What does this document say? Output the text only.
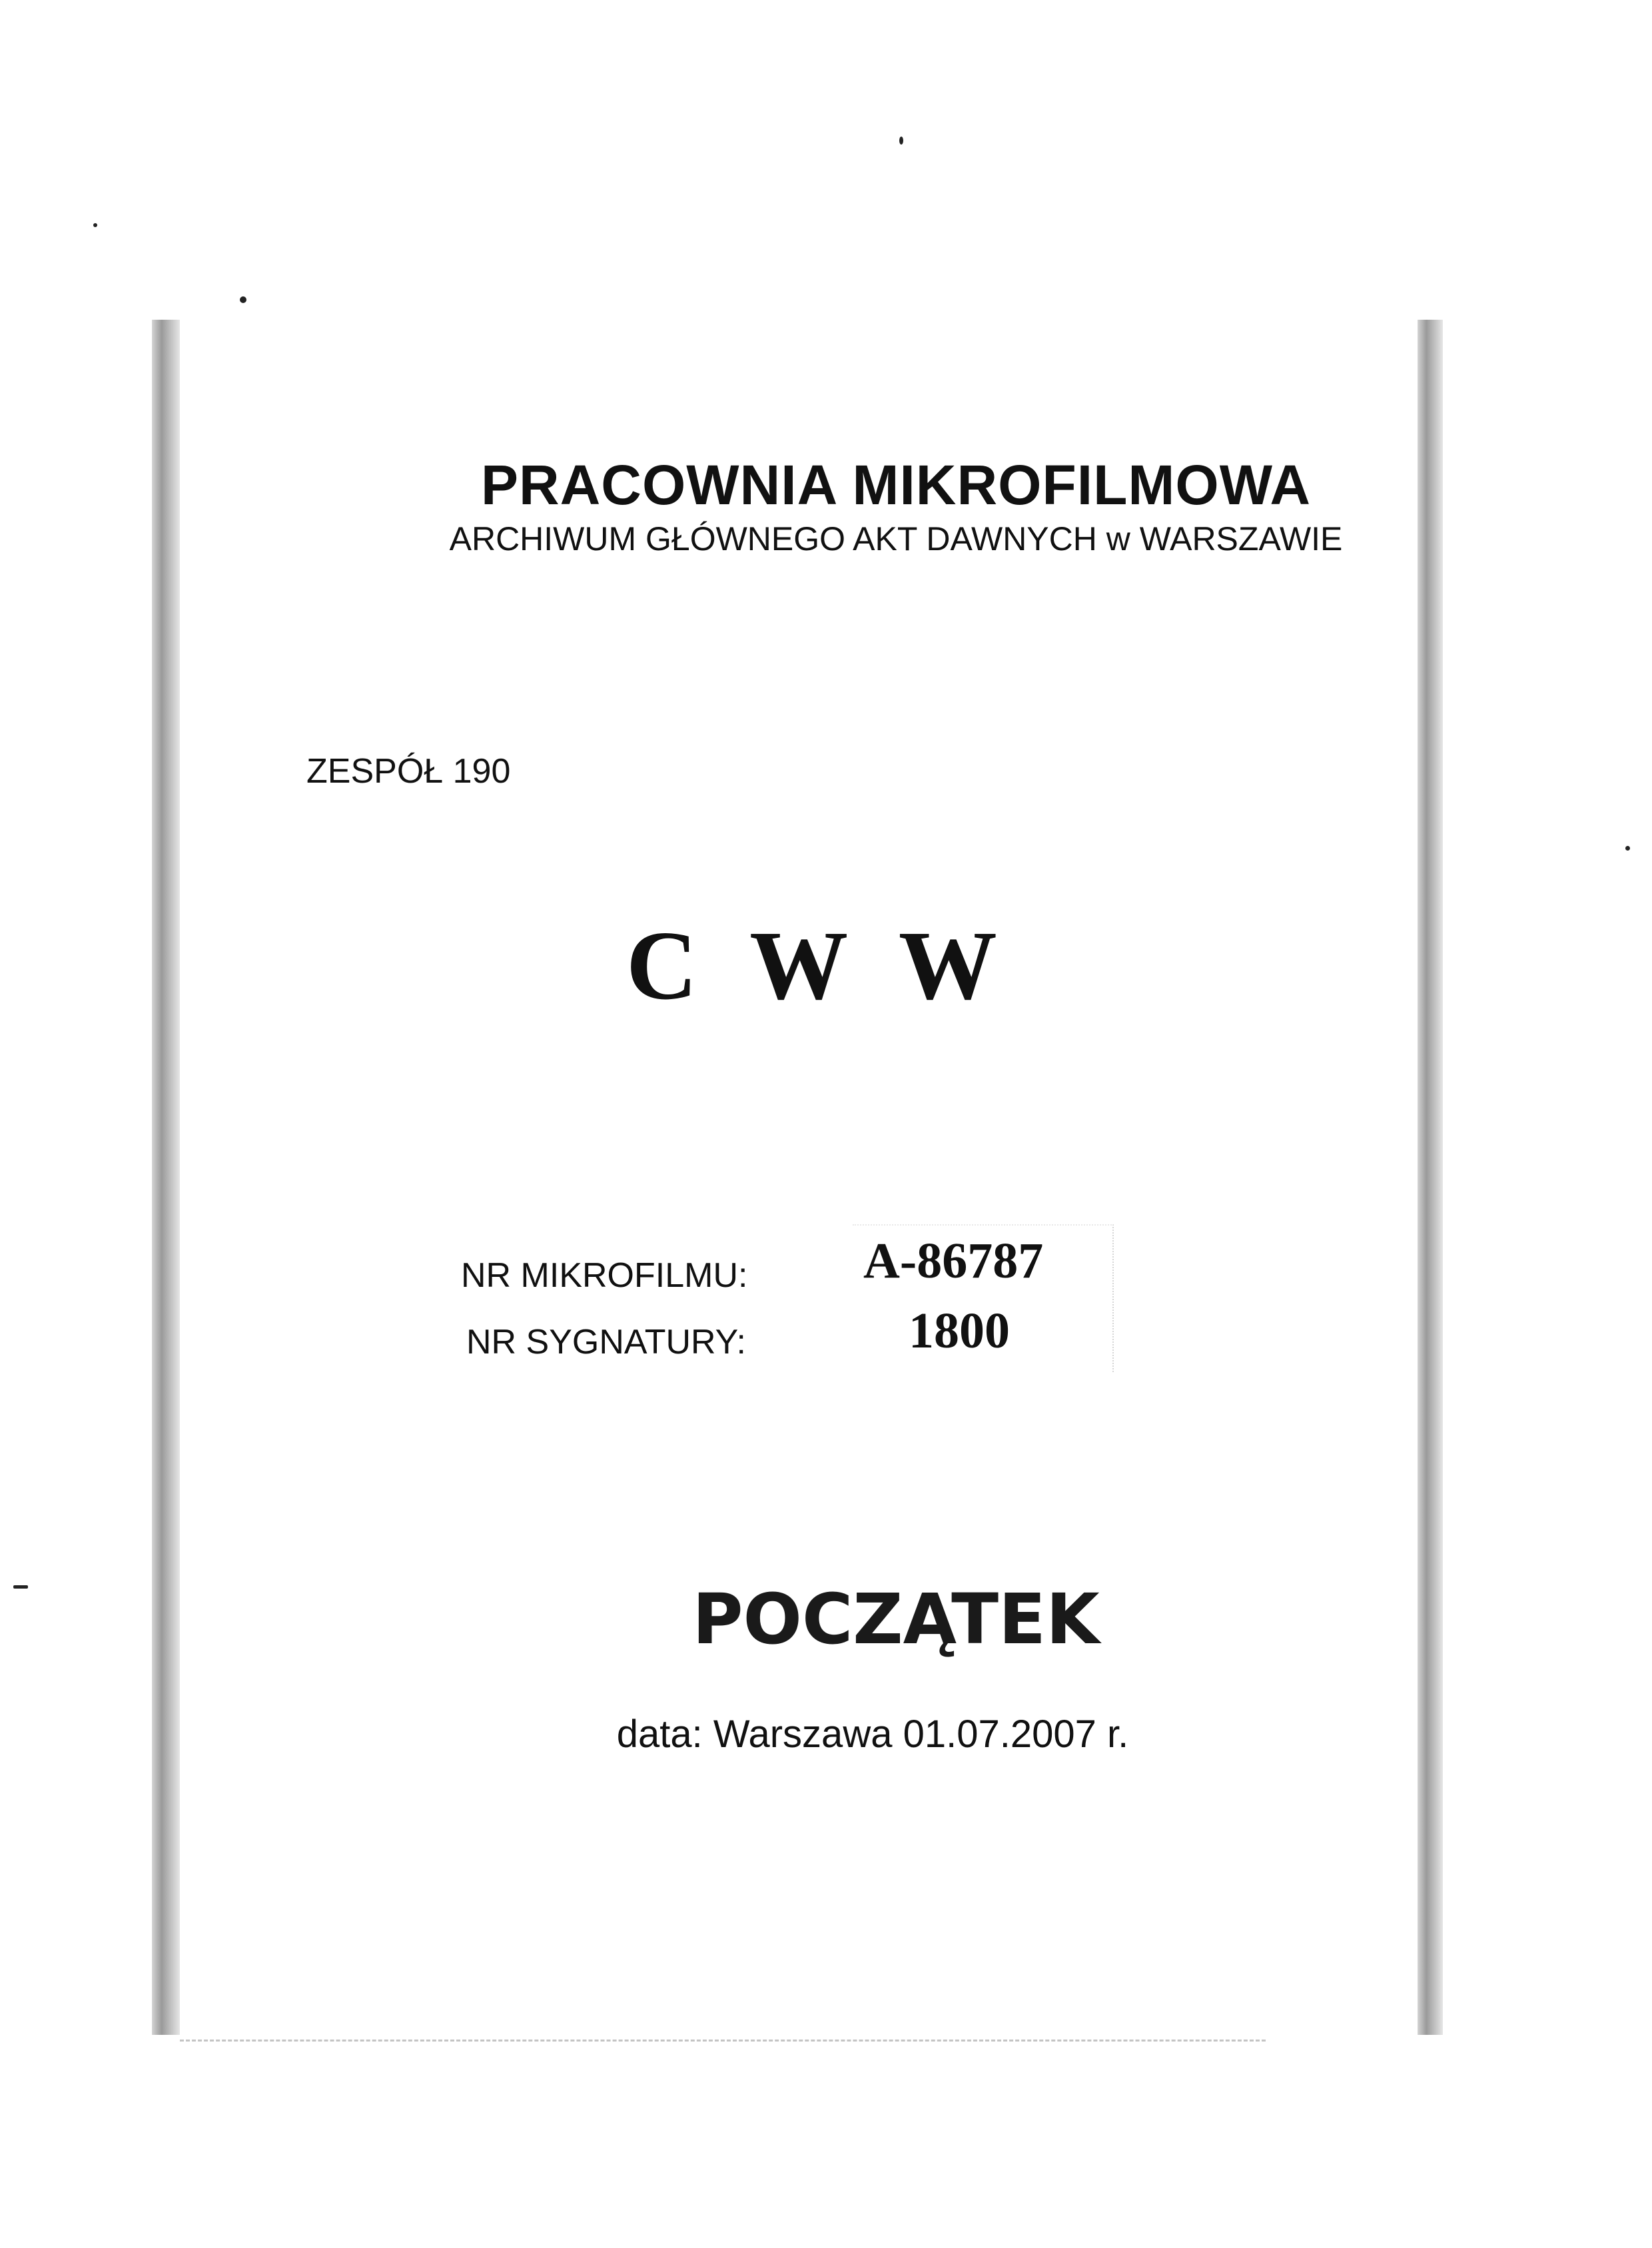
PRACOWNIA MIKROFILMOWA
ARCHIWUM GŁÓWNEGO AKT DAWNYCH w WARSZAWIE
ZESPÓŁ 190
C W W
NR MIKROFILMU: A-86787
NR SYGNATURY:	1800
POCZĄTEK
data: Warszawa 01.07.2007 r.
